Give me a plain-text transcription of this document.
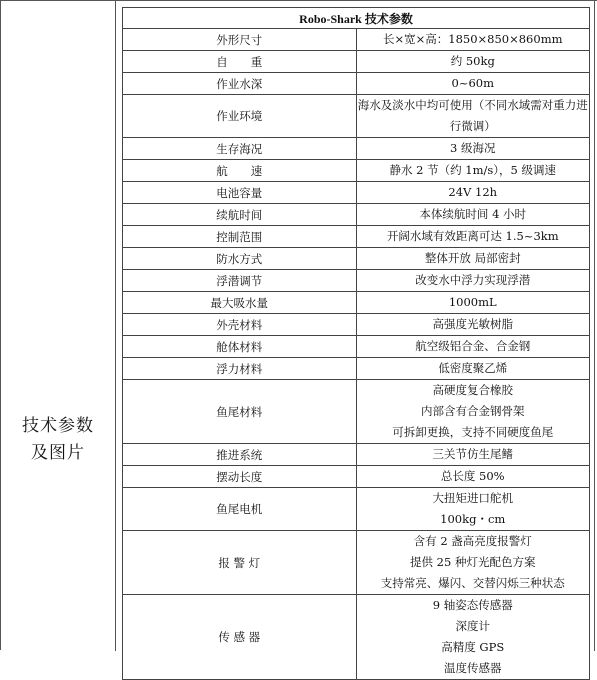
技术参数
及图片
Robo-Shark 技术参数	
外形尺寸	长×宽×高：1850×850×860mm

自　　重	约 50kg

作业水深	0~60m

作业环境	海水及淡水中均可使用（不同水域需对重力进行微调）

生存海况	3 级海况

航　　速	静水 2 节（约 1m/s），5 级调速

电池容量	24V 12h

续航时间	本体续航时间 4 小时

控制范围	开阔水域有效距离可达 1.5~3km

防水方式	整体开放 局部密封

浮潜调节	改变水中浮力实现浮潜

最大吸水量	1000mL

外壳材料	高强度光敏树脂

舱体材料	航空级铝合金、合金钢

浮力材料	低密度聚乙烯

鱼尾材料	高硬度复合橡胶
内部含有合金钢骨架
可拆卸更换，支持不同硬度鱼尾

推进系统	三关节仿生尾鳍

摆动长度	总长度 50%

鱼尾电机	大扭矩进口舵机
100kg・cm

报 警 灯	含有 2 盏高亮度报警灯
提供 25 种灯光配色方案
支持常亮、爆闪、交替闪烁三种状态

传 感 器	9 轴姿态传感器
深度计
高精度 GPS
温度传感器
